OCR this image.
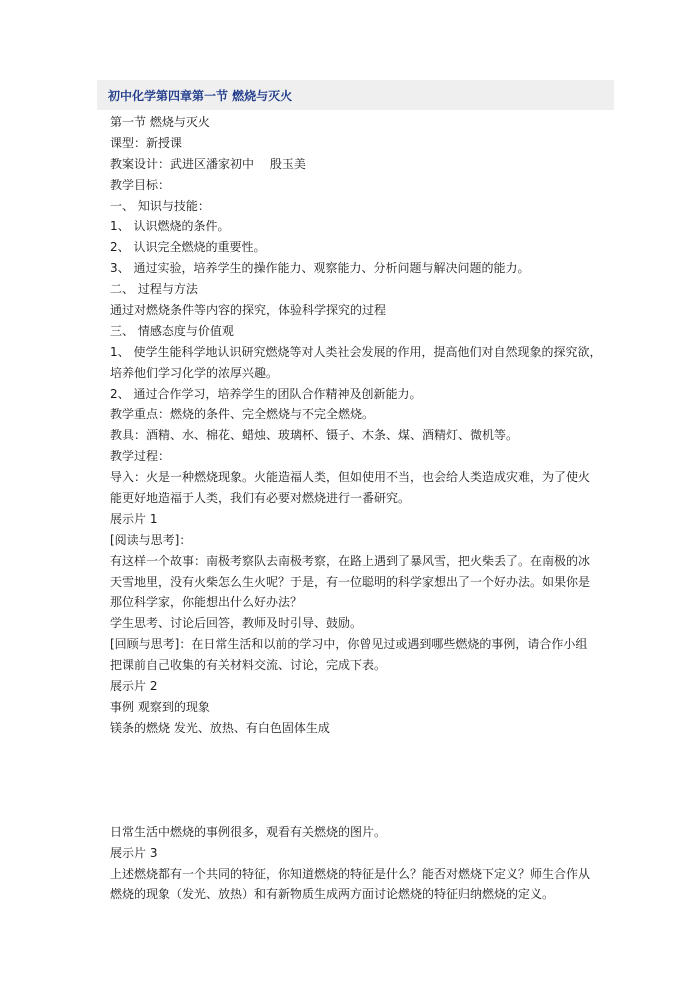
初中化学第四章第一节 燃烧与灭火
第一节 燃烧与灭火
课型：新授课
教案设计：武进区潘家初中　 殷玉美
教学目标：
一、 知识与技能：
1、 认识燃烧的条件。
2、 认识完全燃烧的重要性。
3、 通过实验，培养学生的操作能力、观察能力、分析问题与解决问题的能力。
二、 过程与方法
通过对燃烧条件等内容的探究，体验科学探究的过程
三、 情感态度与价值观
1、 使学生能科学地认识研究燃烧等对人类社会发展的作用，提高他们对自然现象的探究欲，
培养他们学习化学的浓厚兴趣。
2、 通过合作学习，培养学生的团队合作精神及创新能力。
教学重点：燃烧的条件、完全燃烧与不完全燃烧。
教具：酒精、水、棉花、蜡烛、玻璃杯、镊子、木条、煤、酒精灯、微机等。
教学过程：
导入：火是一种燃烧现象。火能造福人类，但如使用不当，也会给人类造成灾难，为了使火
能更好地造福于人类，我们有必要对燃烧进行一番研究。
展示片 1
[阅读与思考]：
有这样一个故事：南极考察队去南极考察，在路上遇到了暴风雪，把火柴丢了。在南极的冰
天雪地里，没有火柴怎么生火呢？于是，有一位聪明的科学家想出了一个好办法。如果你是
那位科学家，你能想出什么好办法？
学生思考、讨论后回答，教师及时引导、鼓励。
[回顾与思考]：在日常生活和以前的学习中，你曾见过或遇到哪些燃烧的事例，请合作小组
把课前自己收集的有关材料交流、讨论，完成下表。
展示片 2
事例 观察到的现象
镁条的燃烧 发光、放热、有白色固体生成
日常生活中燃烧的事例很多，观看有关燃烧的图片。
展示片 3
上述燃烧都有一个共同的特征，你知道燃烧的特征是什么？能否对燃烧下定义？师生合作从
燃烧的现象（发光、放热）和有新物质生成两方面讨论燃烧的特征归纳燃烧的定义。
